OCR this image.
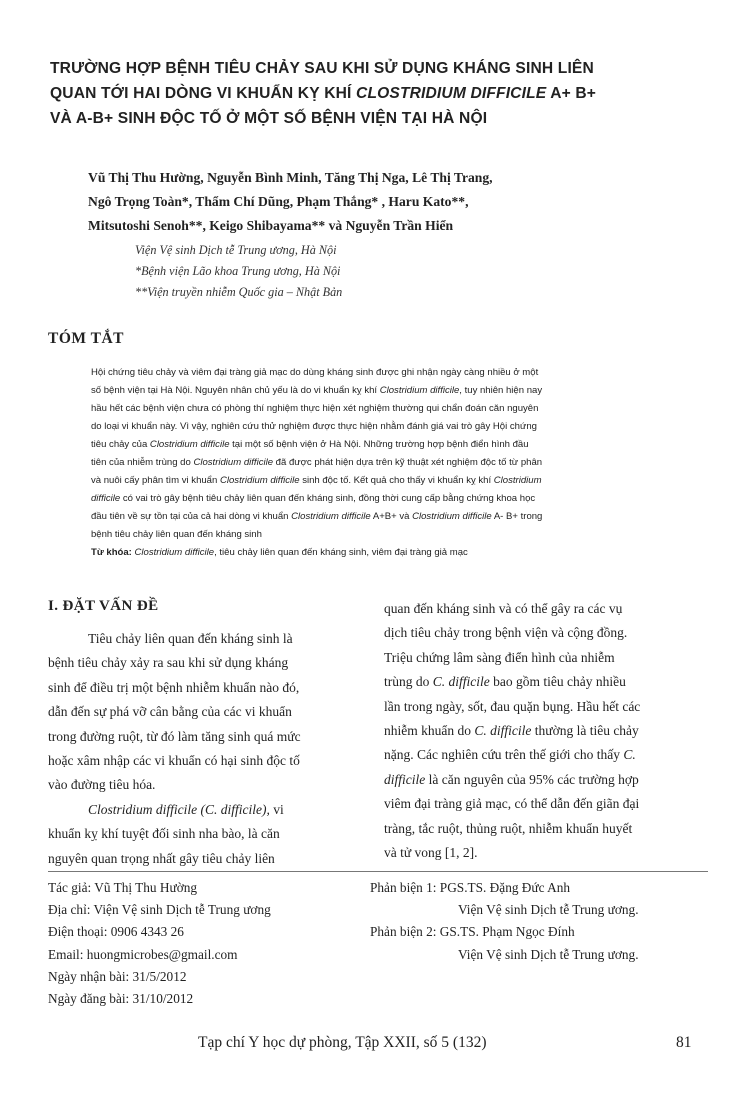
TRƯỜNG HỢP BỆNH TIÊU CHẢY SAU KHI SỬ DỤNG KHÁNG SINH LIÊN
QUAN TỚI HAI DÒNG VI KHUẨN KỴ KHÍ CLOSTRIDIUM DIFFICILE A+ B+
VÀ A-B+ SINH ĐỘC TỐ Ở MỘT SỐ BỆNH VIỆN TẠI HÀ NỘI
Vũ Thị Thu Hường, Nguyễn Bình Minh, Tăng Thị Nga, Lê Thị Trang,
Ngô Trọng Toàn*, Thẩm Chí Dũng, Phạm Thắng* , Haru Kato**,
Mitsutoshi Senoh**, Keigo Shibayama** và Nguyễn Trần Hiển
Viện Vệ sinh Dịch tễ Trung ương, Hà Nội
*Bệnh viện Lão khoa Trung ương, Hà Nội
**Viện truyền nhiễm Quốc gia – Nhật Bản
TÓM TẮT
Hội chứng tiêu chảy và viêm đại tràng giả mạc do dùng kháng sinh được ghi nhận ngày càng nhiều ở một
số bệnh viện tại Hà Nội. Nguyên nhân chủ yếu là do vi khuẩn kỵ khí Clostridium difficile, tuy nhiên hiện nay
hầu hết các bệnh viện chưa có phòng thí nghiệm thực hiện xét nghiệm thường qui chẩn đoán căn nguyên
do loại vi khuẩn này. Vì vậy, nghiên cứu thử nghiệm được thực hiện nhằm đánh giá vai trò gây Hội chứng
tiêu chảy của Clostridium difficile tại một số bệnh viện ở Hà Nội. Những trường hợp bệnh điển hình đầu
tiên của nhiễm trùng do Clostridium difficile đã được phát hiện dựa trên kỹ thuật xét nghiệm độc tố từ phân
và nuôi cấy phân tìm vi khuẩn Clostridium difficile sinh độc tố. Kết quả cho thấy vi khuẩn kỵ khí Clostridium
difficile có vai trò gây bệnh tiêu chảy liên quan đến kháng sinh, đồng thời cung cấp bằng chứng khoa học
đầu tiên về sự tồn tại của cả hai dòng vi khuẩn Clostridium difficile A+B+ và Clostridium difficile A- B+ trong
bệnh tiêu chảy liên quan đến kháng sinh
Từ khóa: Clostridium difficile, tiêu chảy liên quan đến kháng sinh, viêm đại tràng giả mạc
I. ĐẶT VẤN ĐỀ
Tiêu chảy liên quan đến kháng sinh là
bệnh tiêu chảy xảy ra sau khi sử dụng kháng
sinh để điều trị một bệnh nhiễm khuẩn nào đó,
dẫn đến sự phá vỡ cân bằng của các vi khuẩn
trong đường ruột, từ đó làm tăng sinh quá mức
hoặc xâm nhập các vi khuẩn có hại sinh độc tố
vào đường tiêu hóa.
Clostridium difficile (C. difficile), vi
khuẩn kỵ khí tuyệt đối sinh nha bào, là căn
nguyên quan trọng nhất gây tiêu chảy liên
quan đến kháng sinh và có thể gây ra các vụ
dịch tiêu chảy trong bệnh viện và cộng đồng.
Triệu chứng lâm sàng điển hình của nhiễm
trùng do C. difficile bao gồm tiêu chảy nhiều
lần trong ngày, sốt, đau quặn bụng. Hầu hết các
nhiễm khuẩn do C. difficile thường là tiêu chảy
nặng. Các nghiên cứu trên thế giới cho thấy C.
difficile là căn nguyên của 95% các trường hợp
viêm đại tràng giả mạc, có thể dẫn đến giãn đại
tràng, tắc ruột, thủng ruột, nhiễm khuẩn huyết
và tử vong [1, 2].
Tác giả: Vũ Thị Thu Hường
Địa chỉ: Viện Vệ sinh Dịch tễ Trung ương
Điện thoại: 0906 4343 26
Email: huongmicrobes@gmail.com
Ngày nhận bài: 31/5/2012
Ngày đăng bài: 31/10/2012
Phản biện 1: PGS.TS. Đặng Đức Anh
Viện Vệ sinh Dịch tễ Trung ương.
Phản biện 2: GS.TS. Phạm Ngọc Đính
Viện Vệ sinh Dịch tễ Trung ương.
Tạp chí Y học dự phòng, Tập XXII, số 5 (132)	81
